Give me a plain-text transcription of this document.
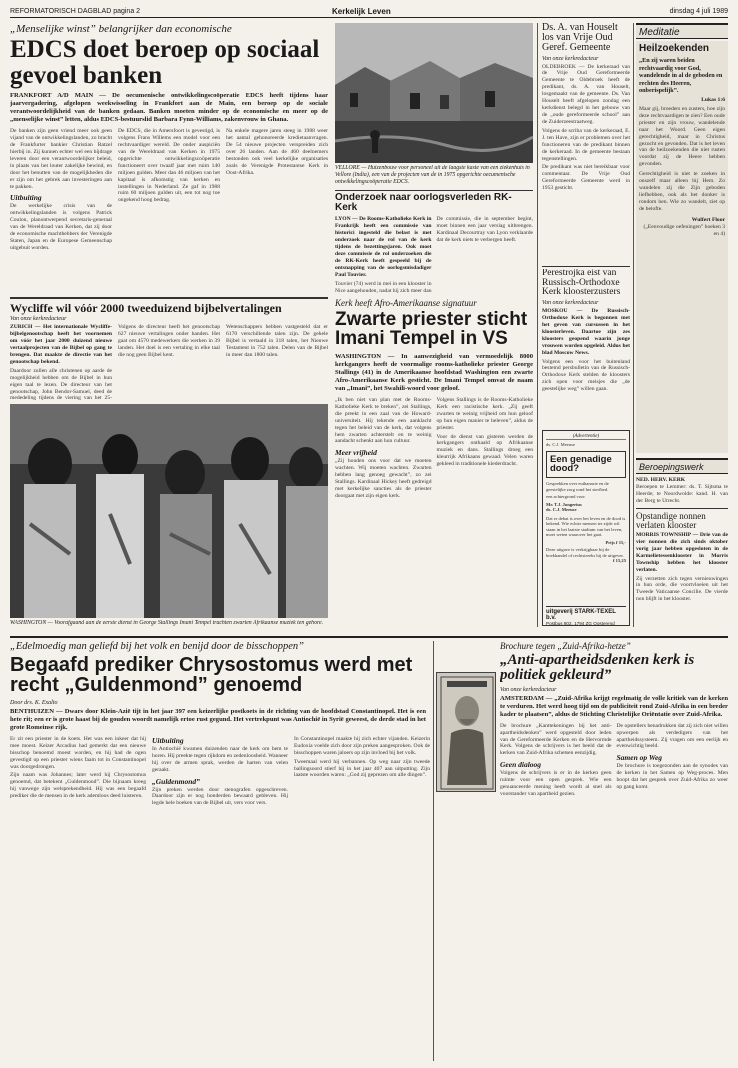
REFORMATORISCH DAGBLAD pagina 2	Kerkelijk Leven	dinsdag 4 juli 1989
„Menselijke winst” belangrijker dan economische
EDCS doet beroep op sociaal gevoel banken
FRANKFORT A/D MAIN — De oecumenische ontwikkelingscoöperatie EDCS heeft tijdens haar jaarvergadering, afgelopen weekwisseling in Frankfort aan de Main, een beroep op de sociale verantwoordelijkheid van de banken gedaan. Banken moeten minder op de economische en meer op de „menselijke winst” letten, aldus EDCS-bestuurslid Barbara Fynn-Williams, zakenvrouw in Ghana.
De banken zijn geen vriend meer ook geen vijand van de ontwikkelingslanden, zo bracht de Frankfurter bankier Christian Ratzel hierbij in. Zij kunnen echter wel een bijdrage leveren door een verantwoordelijker beleid, in plaats van het louter zakelijke bewind, en door het benutten van de mogelijkheden die er zijn om het gebrek aan investeringen aan te pakken.
Uitbuiting
De werkelijke crisis van de ontwikkelingslanden is volgens Patrick Coulon, planontwerpend secretaris-generaal van de Wereldraad van Kerken, dat zij door de economische machthebbers der Verenigde Staten, Japan en de Europese Gemeenschap uitgebuit worden.
De EDCS, die in Amersfoort is gevestigd, is volgens Frans Willems een model voor een rechtvaardiger wereld. De onder auspiciën van de Wereldraad van Kerken in 1975 opgerichte ontwikkelingscoöperatie functioneert over twaalf jaar met ruim 140 miljoen gulden. Meer dan 46 miljoen van het kapitaal is afkomstig van kerken en instellingen in Nederland. Ze gaf in 1988 ruim 60 miljoen gulden uit, een tot nog toe ongekend hoog bedrag.
Na enkele magere jaren steeg in 1988 weer het aantal gehonoreerde kredietaanvragen. De 54 nieuwe projecten verspreiden zich over 26 landen. Aan de 460 deelnemers bestonden ook veel kerkelijke organisaties zoals de Verenigde Protestantse Kerk in Oost-Afrika.
VELLORE — Huizenbouw voor personeel uit de laagste kaste van een ziekenhuis in Vellore (India), een van de projecten van de in 1975 opgerichte oecumenische ontwikkelingscoöperatie EDCS.
Onderzoek naar oorlogsverleden RK-Kerk
LYON — De Rooms-Katholieke Kerk in Frankrijk heeft een commissie van historici ingesteld die belast is met onderzoek naar de rol van de kerk tijdens de bezettingsjaren. Ook moet deze commissie de rol onderzoeken die de RK-Kerk heeft gespeeld bij de ontsnapping van de oorlogsmisdadiger Paul Touvier.
Touvier (74) werd in mei in een klooster in Nice aangehouden, nadat hij zich meer dan
De commissie, die in september begint, moet binnen een jaar verslag uitbrengen. Kardinaal Decourtray van Lyon verklaarde dat de kerk niets te verbergen heeft.
Ds. A. van Houselt los van Vrije Oud Geref. Gemeente
Van onze kerkredacteur
OLDEBROEK — De kerkeraad van de Vrije Oud Gereformeerde Gemeente te Oldebroek heeft de predikant, ds. A. van Houselt, losgemaakt van de gemeente. Ds. Van Houselt heeft afgelopen zondag een kerkdienst belegd in het gebouw van de „oude gereformeerde school” aan de Zuiderzeestraatweg.
Volgens de scriba van de kerkeraad, E. J. ten Have, zijn er problemen over het functioneren van de predikant binnen de kerkeraad. In de gemeente bestaan tegenstellingen.
De predikant was niet bereikbaar voor commentaar. De Vrije Oud Gereformeerde Gemeente werd in 1953 gesticht.
Perestrojka eist van Russisch-Orthodoxe Kerk kloosterzusters
Van onze kerkredacteur
MOSKOU — De Russisch-Orthodoxe Kerk is begonnen met het geven van cursussen in het kloosterleven. Daartoe zijn zes kloosters geopend waarin jonge vrouwen worden opgeleid. Aldus het blad Moscow News.
Volgens een voor het buitenland bestemd persbulletin van de Russisch-Orthodoxe Kerk stelden de kloosters zich open voor meisjes die „de geestelijke weg” willen gaan.
Meditatie
Heilzoekenden
„En zij waren beiden rechtvaardig voor God, wandelende in al de geboden en rechten des Heeren, onberispelijk”.
Lukas 1:6
Maar gij, broeders en zusters, hoe zijn deze rechtvaardigen te zien? Een oude priester en zijn vrouw, wandelende naar het Woord. Geen eigen gerechtigheid, maar in Christus gezocht en gevonden. Dat is het leven van de heilzoekenden die niet rusten voordat zij de Heere hebben gevonden.
Gerechtigheid is niet te zoeken in onszelf maar alleen bij Hem. Zo wandelen zij die Zijn geboden liefhebben, ook als het donker is rondom hen. Wie zo wandelt, ziet op de belofte.
Wulfert Floor
(„Eenvoudige oefeningen” boeken 3 en 4)
Beroepingswerk
NED. HERV. KERK
Beroepen te Lemmer: ds. T. Sijtsma te Heerde; te Noordwolde: kand. H. van der Berg te Utrecht.
Opstandige nonnen verlaten klooster
MORRIS TOWNSHIP — Drie van de vier nonnen die zich sinds oktober vorig jaar hebben opgesloten in de Karmelietessenklooster in Morris Township hebben het klooster verlaten.
Zij verzetten zich tegen vernieuwingen in hun orde, die voortvloeien uit het Tweede Vaticaanse Concilie. De vierde non blijft in het klooster.
Wycliffe wil vóór 2000 tweeduizend bijbelvertalingen
Van onze kerkredacteur
ZURICH — Het internationale Wycliffe-bijbelgenootschap heeft het voornemen om vóór het jaar 2000 duizend nieuwe vertaalprojecten van de Bijbel op gang te brengen. Dat maakte de directie van het genootschap bekend.
Daardoor zullen alle christenen op aarde de mogelijkheid hebben om de Bijbel in hun eigen taal te lezen. De directeur van het genootschap, John Bendor-Samuel, deed de mededeling tijdens de viering van het 25-
Volgens de directeur heeft het genootschap 627 nieuwe vertalingen onder handen. Het gaat om 4570 medewerkers die werken in 39 landen. Het doel is een vertaling in elke taal die nog geen Bijbel kent.
Wetenschappers hebben vastgesteld dat er 6170 verschillende talen zijn. De gehele Bijbel is vertaald in 318 talen, het Nieuwe Testament in 752 talen. Delen van de Bijbel in meer dan 1800 talen.
WASHINGTON — Voorafgaand aan de eerste dienst in George Stallings Imani Tempel trachten zwarten Afrikaanse muziek ten gehore.
Kerk heeft Afro-Amerikaanse signatuur
Zwarte priester sticht Imani Tempel in VS
WASHINGTON — In aanwezigheid van vermoedelijk 8000 kerkgangers heeft de voormalige rooms-katholieke priester George Stallings (41) in de Amerikaanse hoofdstad Washington een zwarte Afro-Amerikaanse Kerk gesticht. De Imani Tempel omvat de naam van „Imani”, het Swahili-woord voor geloof.
„Ik ben niet van plan met de Rooms-Katholieke Kerk te breken”, zei Stallings, die preekt in een zaal van de Howard-universiteit. Hij tekende een aanklacht tegen het beleid van de kerk, dat volgens hem zwarten achterstelt en te weinig aandacht schenkt aan hun cultuur.
Meer vrijheid
„Zij houden ons voor dat we moeten wachten. Wij moeten wachten. Zwarten hebben lang genoeg gewacht”, zo zei Stallings. Kardinaal Hickey heeft gedreigd met kerkelijke sancties als de priester doorgaat met zijn eigen kerk.
Volgens Stallings is de Rooms-Katholieke Kerk een racistische kerk. „Zij geeft zwarten te weinig vrijheid om hun geloof op hun eigen manier te beleven”, aldus de priester.
Voor de dienst van gisteren werden de kerkgangers onthaald op Afrikaanse muziek en dans. Stallings droeg een kleurrijk Afrikaans gewaad. Velen waren gekleed in traditionele klederdracht.
(Advertentie)
ds. C.J. Meeuse
Een genadige dood?
Gesprekken over euthanasie en de geestelijke zorg rond het sterfbed.
een achtergrond voor
Mr. T.J. Jongerius
ds. C.J. Meeuse
Dat er debat is over het leven en de dood is bekend. Wie echter mensen ter zijde wil staan in het laatste stadium van het leven, moet weten waarover het gaat.
Prijs f 15,-
Deze uitgave is verkrijgbaar bij de boekhandel of rechtstreeks bij de uitgever.
f 15,25
uitgeverij STARK-TEXEL b.v.
Postbus 802, 1794 ZG Oosterend
„Edelmoedig man geliefd bij het volk en benijd door de bisschoppen”
Begaafd prediker Chrysostomus werd met recht „Guldenmond” genoemd
Door drs. K. Exalto
BENTHUIZEN — Dwars door Klein-Azië tijt in het jaar 397 een keizerlijke postkoets in de richting van de hoofdstad Constantinopel. Het is een hete rit; een er is grote haast bij de gouden woordt namelijk ertoe rust gegund. Het vertrekpunt was Antiochië in Syrië geweest, de derde stad in het grote Romeinse rijk.
Er zit een priester in de koets. Het was een inkeer dat hij mee moest. Keizer Arcadius had gemerkt dat een nieuwe bisschop benoemd moest worden, en hij had de ogen gevestigd op een priester wiens faam tot in Constantinopel was doorgedrongen.
Zijn naam was Johannes; later werd hij Chrysostomus genoemd, dat betekent „Guldenmond”. Die bijnaam kreeg hij vanwege zijn welsprekendheid. Hij was een begaafd prediker die de mensen in de kerk ademloos deed luisteren.
Uitbuiting
In Antiochië kwamen duizenden naar de kerk om hem te horen. Hij preekte tegen rijkdom en zedenloosheid. Wanneer hij over de armen sprak, werden de harten van velen geraakt.
„Guldenmond”
Zijn preken werden door stenografen opgeschreven. Daardoor zijn er nog honderden bewaard gebleven. Hij legde hele boeken van de Bijbel uit, vers voor vers.
In Constantinopel maakte hij zich echter vijanden. Keizerin Eudoxia voelde zich door zijn preken aangesproken. Ook de bisschoppen waren jaloers op zijn invloed bij het volk.
Tweemaal werd hij verbannen. Op weg naar zijn tweede ballingsoord stierf hij in het jaar 407 aan uitputting. Zijn laatste woorden waren: „God zij geprezen om alle dingen”.
Brochure tegen „Zuid-Afrika-hetze”
„Anti-apartheidsdenken kerk is politiek gekleurd”
Van onze kerkredacteur
AMSTERDAM — „Zuid-Afrika krijgt regelmatig de volle kritiek van de kerken te verduren. Het werd hoog tijd om de publiciteit rond Zuid-Afrika in een breder kader te plaatsen”, aldus de Stichting Christelijke Oriëntatie over Zuid-Afrika.
De brochure „Kanttekeningen bij het anti-apartheidsdenken” werd opgesteld door leden van de Gereformeerde Kerken en de Hervormde Kerk. Volgens de schrijvers is het beeld dat de kerken van Zuid-Afrika schetsen eenzijdig.
Geen dialoog
Volgens de schrijvers is er in de kerken geen ruimte voor een open gesprek. Wie een genuanceerde mening heeft wordt al snel als voorstander van apartheid gezien.
De opstellers benadrukken dat zij zich niet willen opwerpen als verdedigers van het apartheidssysteem. Zij vragen om een eerlijk en evenwichtig beeld.
Samen op Weg
De brochure is toegezonden aan de synodes van de kerken in het Samen op Weg-proces. Men hoopt dat het gesprek over Zuid-Afrika zo weer op gang komt.
